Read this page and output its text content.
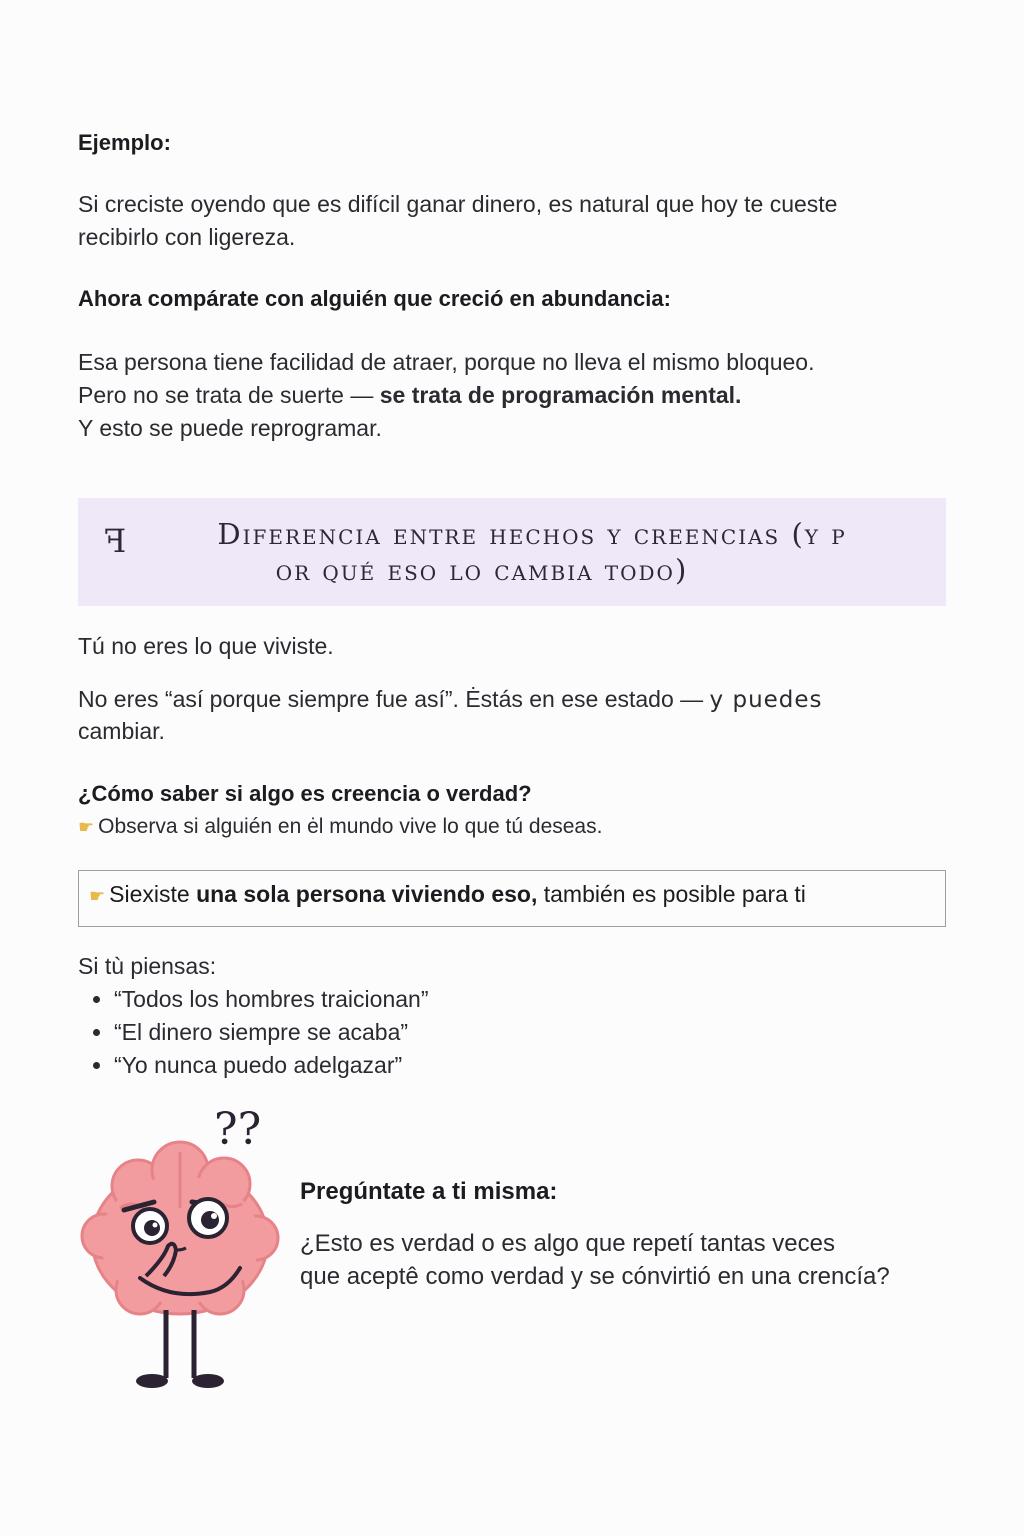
Ejemplo:

Si creciste oyendo que es difícil ganar dinero, es natural que hoy te cueste

recibirlo con ligereza.

Ahora compárate con alguién que creció en abundancia:

Esa persona tiene facilidad de atraer, porque no lleva el mismo bloqueo.

Pero no se trata de suerte — se trata de programación mental.

Y esto se puede reprogramar.

ꟻ	Diferencia entre hechos y creencias (y p
or qué eso lo cambia todo)

Tú no eres lo que viviste.

No eres “así porque siempre fue así”. Ėstás en ese estado — y puedes

cambiar.

¿Cómo saber si algo es creencia o verdad?

☛ Observa si alguién en ėl mundo vive lo que tú deseas.

☛ Siexiste una sola persona viviendo eso, también es posible para ti

Si tù piensas:

• “Todos los hombres traicionan”
• “El dinero siempre se acaba”
• “Yo nunca puedo adelgazar”

Pregúntate a ti misma:

¿Esto es verdad o es algo que repetí tantas veces

que aceptê como verdad y se cónvirtió en una crencía?

??
